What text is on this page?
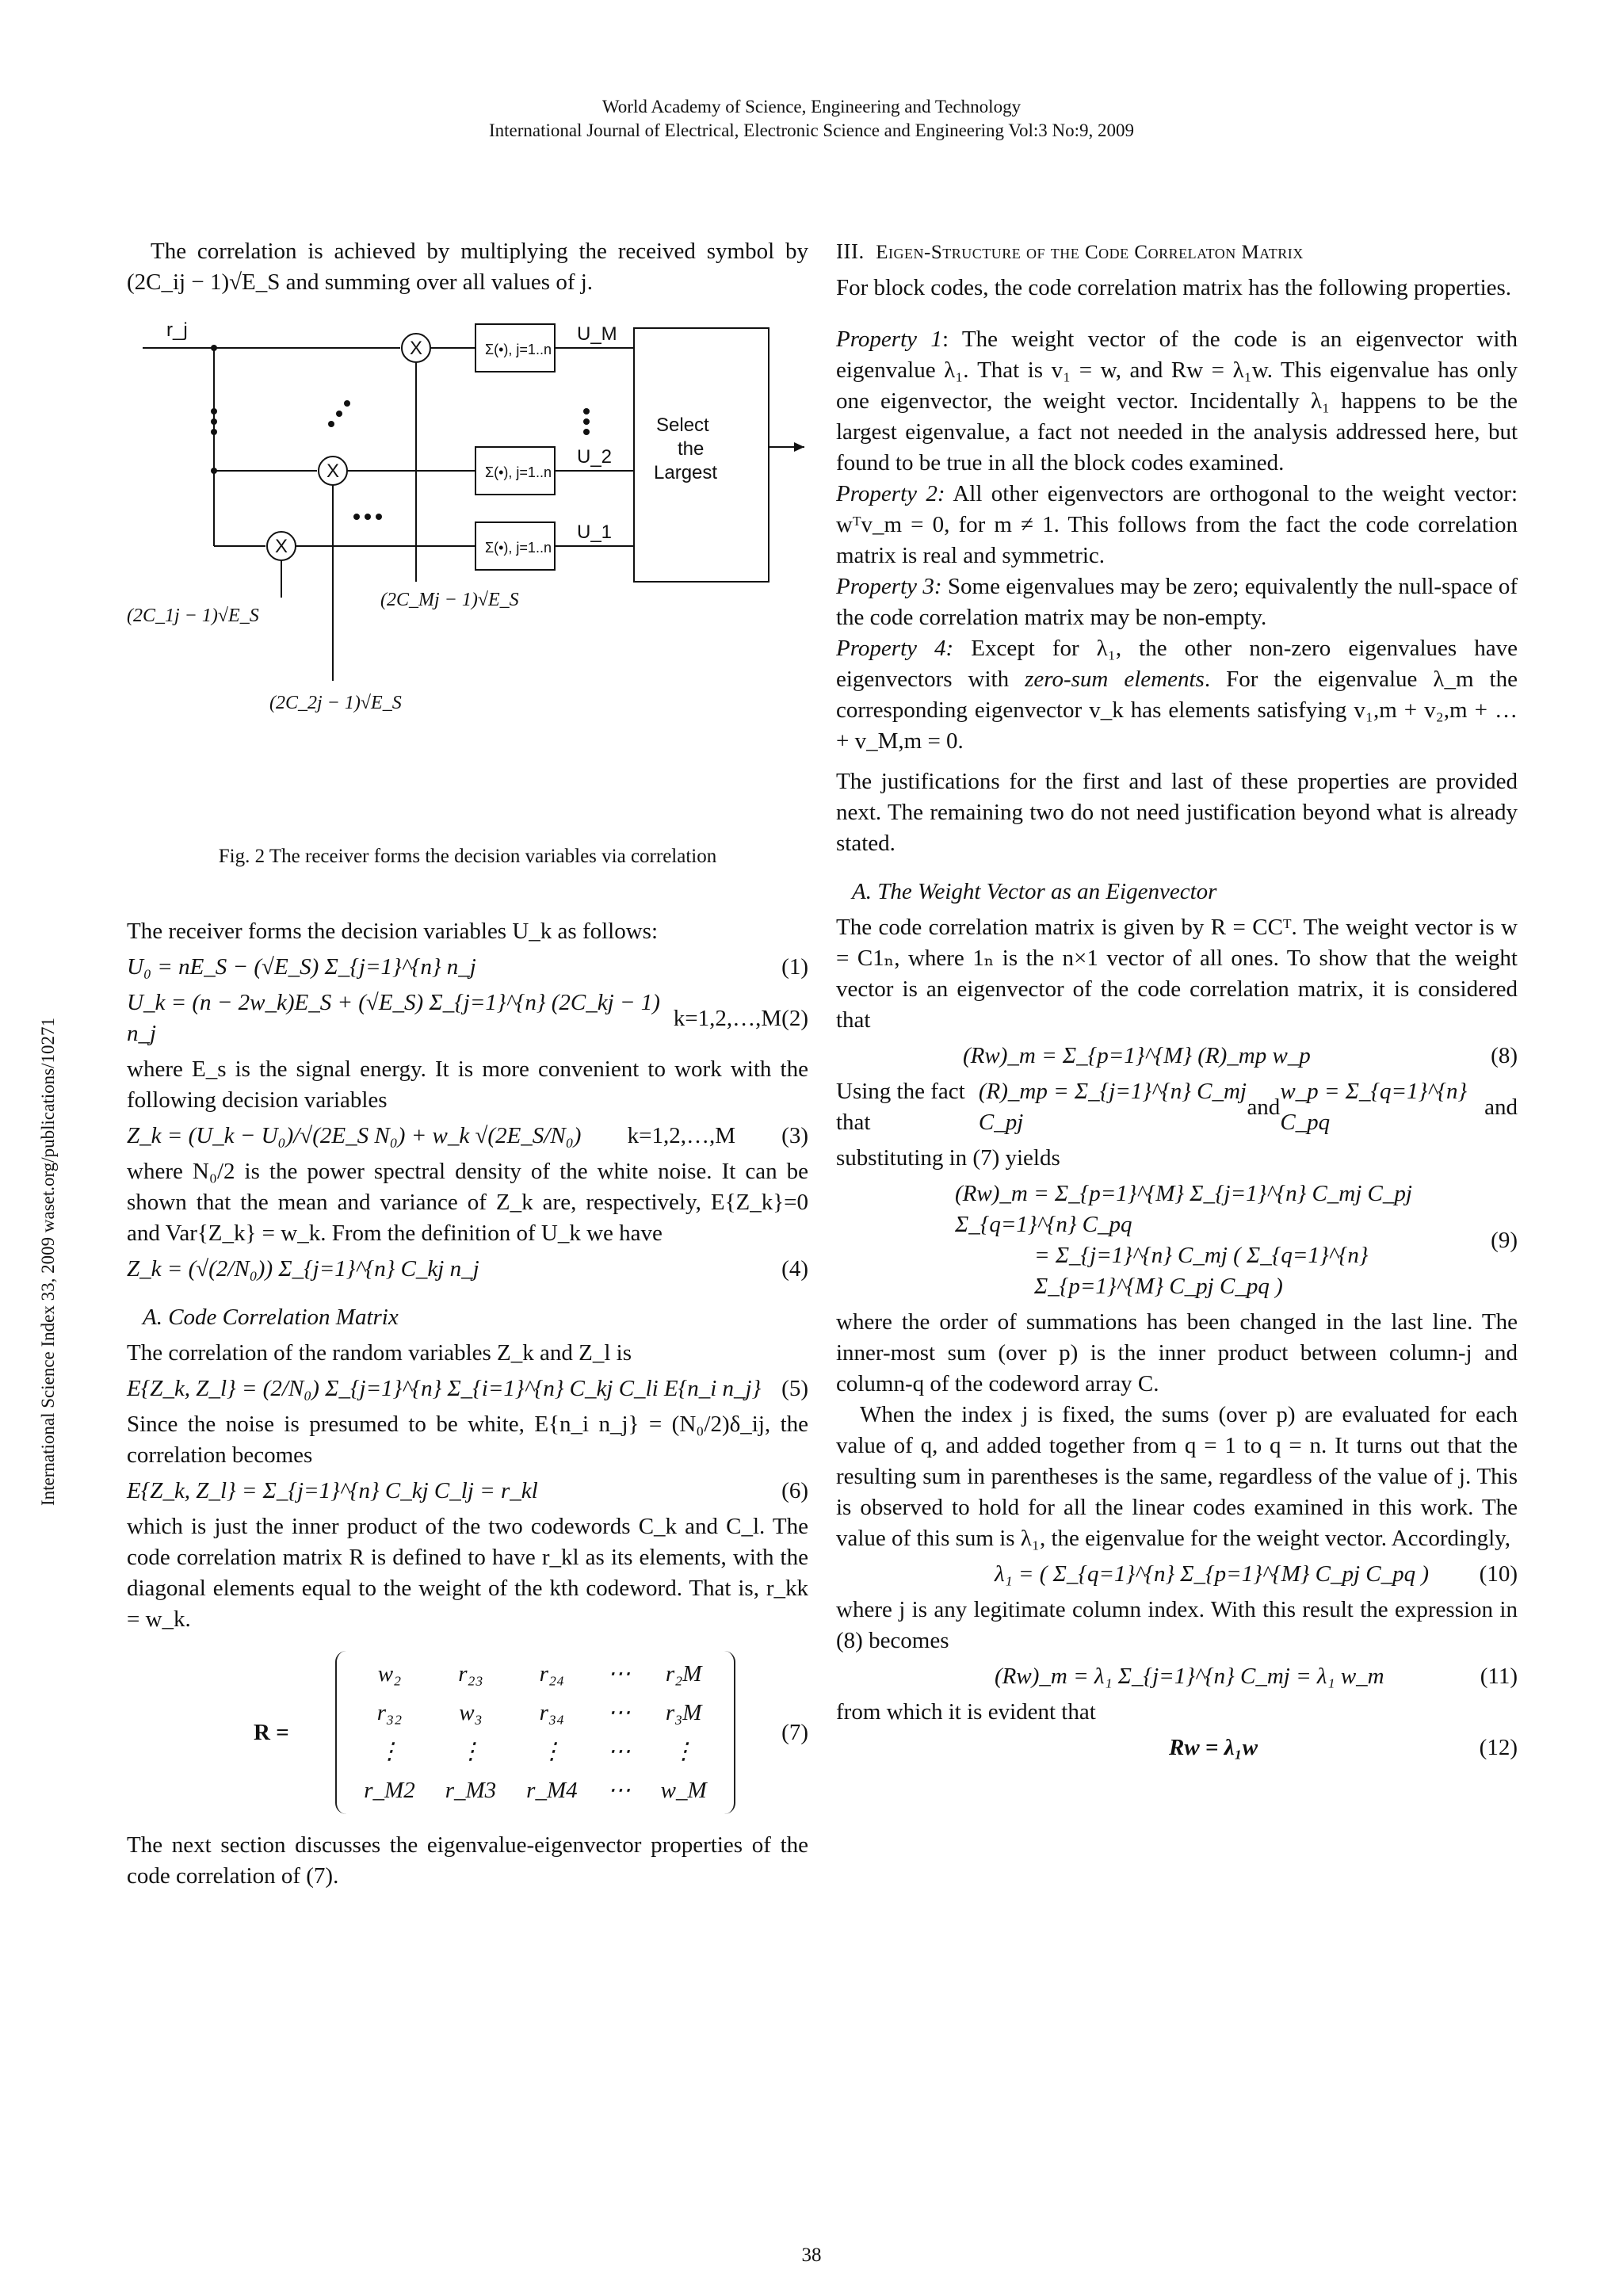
World Academy of Science, Engineering and Technology
International Journal of Electrical, Electronic Science and Engineering Vol:3 No:9, 2009
International Science Index 33, 2009 waset.org/publications/10271

The correlation is achieved by multiplying the received symbol by (2C_ij − 1)√E_S and summing over all values of j.

r_j
X
X
X
Σ(•), j=1..n
Σ(•), j=1..n
Σ(•), j=1..n
U_M
U_2
U_1
Select
the
Largest
(2C_1j − 1)√E_S
(2C_2j − 1)√E_S
(2C_Mj − 1)√E_S
Fig. 2 The receiver forms the decision variables via correlation

The receiver forms the decision variables U_k as follows:

U₀ = nE_S − (√E_S) Σ_{j=1}^{n} n_j	(1)
U_k = (n − 2w_k)E_S + (√E_S) Σ_{j=1}^{n} (2C_kj − 1) n_j
k=1,2,…,M (2)

where E_s is the signal energy. It is more convenient to work with the following decision variables

Z_k = (U_k − U₀)/√(2E_S N₀) + w_k √(2E_S/N₀) k=1,2,…,M (3)

where N₀/2 is the power spectral density of the white noise. It can be shown that the mean and variance of Z_k are, respectively, E{Z_k}=0 and Var{Z_k} = w_k. From the definition of U_k we have

Z_k = (√(2/N₀)) Σ_{j=1}^{n} C_kj n_j	(4)
A. Code Correlation Matrix

The correlation of the random variables Z_k and Z_l is

E{Z_k, Z_l} = (2/N₀) Σ_{j=1}^{n} Σ_{i=1}^{n} C_kj C_li E{n_i n_j} (5)

Since the noise is presumed to be white, E{n_i n_j} = (N₀/2)δ_ij, the correlation becomes

E{Z_k, Z_l} = Σ_{j=1}^{n} C_kj C_lj = r_kl	(6)

which is just the inner product of the two codewords C_k and C_l. The code correlation matrix R is defined to have r_kl as its elements, with the diagonal elements equal to the weight of the kth codeword. That is, r_kk = w_k.

R =
w₂	r₂₃	r₂₄	⋯	r₂M
r₃₂	w₃	r₃₄	⋯	r₃M
⋮	⋮	⋮	⋯	⋮
r_M2	r_M3	r_M4	⋯	w_M
(7)

The next section discusses the eigenvalue-eigenvector properties of the code correlation of (7).

III. Eigen-Structure of the Code Correlaton Matrix

For block codes, the code correlation matrix has the following properties.

Property 1: The weight vector of the code is an eigenvector with eigenvalue λ₁. That is v₁ = w, and Rw = λ₁w. This eigenvalue has only one eigenvector, the weight vector. Incidentally λ₁ happens to be the largest eigenvalue, a fact not needed in the analysis addressed here, but found to be true in all the block codes examined.

Property 2: All other eigenvectors are orthogonal to the weight vector: wᵀv_m = 0, for m ≠ 1. This follows from the fact the code correlation matrix is real and symmetric.

Property 3: Some eigenvalues may be zero; equivalently the null-space of the code correlation matrix may be non-empty.

Property 4: Except for λ₁, the other non-zero eigenvalues have eigenvectors with zero-sum elements. For the eigenvalue λ_m the corresponding eigenvector v_k has elements satisfying v₁,m + v₂,m + … + v_M,m = 0.

The justifications for the first and last of these properties are provided next. The remaining two do not need justification beyond what is already stated.

A. The Weight Vector as an Eigenvector

The code correlation matrix is given by R = CCᵀ. The weight vector is w = C1ₙ, where 1ₙ is the n×1 vector of all ones. To show that the weight vector is an eigenvector of the code correlation matrix, it is considered that

(Rw)_m = Σ_{p=1}^{M} (R)_mp w_p	(8)
Using the fact that
(R)_mp = Σ_{j=1}^{n} C_mj C_pj
and
w_p = Σ_{q=1}^{n} C_pq
and

substituting in (7) yields

(Rw)_m = Σ_{p=1}^{M} Σ_{j=1}^{n} C_mj C_pj Σ_{q=1}^{n} C_pq
= Σ_{j=1}^{n} C_mj ( Σ_{q=1}^{n} Σ_{p=1}^{M} C_pj C_pq )
(9)

where the order of summations has been changed in the last line. The inner-most sum (over p) is the inner product between column-j and column-q of the codeword array C.

When the index j is fixed, the sums (over p) are evaluated for each value of q, and added together from q = 1 to q = n. It turns out that the resulting sum in parentheses is the same, regardless of the value of j. This is observed to hold for all the linear codes examined in this work. The value of this sum is λ₁, the eigenvalue for the weight vector. Accordingly,

λ₁ = ( Σ_{q=1}^{n} Σ_{p=1}^{M} C_pj C_pq ) (10)

where j is any legitimate column index. With this result the expression in (8) becomes

(Rw)_m = λ₁ Σ_{j=1}^{n} C_mj = λ₁ w_m	(11)

from which it is evident that

Rw = λ₁w	(12)
38
